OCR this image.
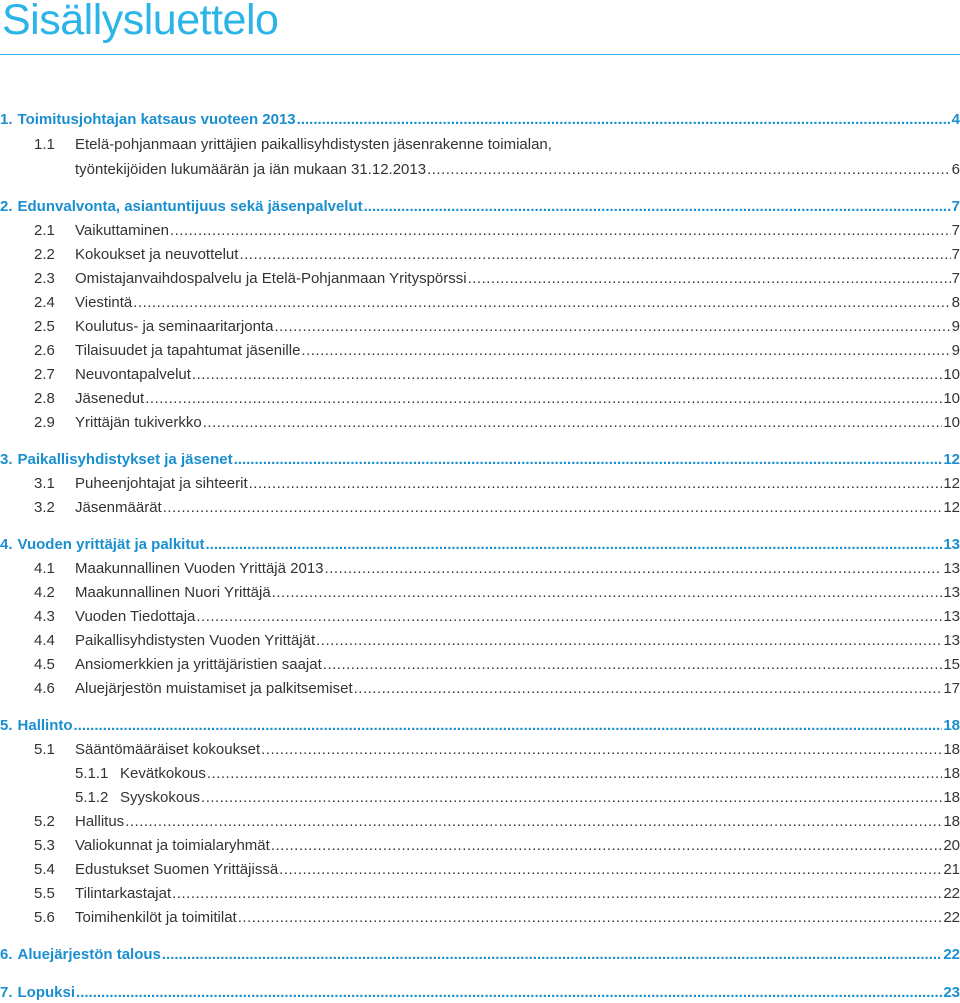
Sisällysluettelo
1. Toimitusjohtajan katsaus vuoteen 2013 .....	4
1.1	Etelä-pohjanmaan yrittäjien paikallisyhdistysten jäsenrakenne toimialan,
työntekijöiden lukumäärän ja iän mukaan 31.12.2013 .....	6
2. Edunvalvonta, asiantuntijuus sekä jäsenpalvelut .....	7
2.1	Vaikuttaminen .....	7
2.2	Kokoukset ja neuvottelut .....	7
2.3	Omistajanvaihdospalvelu ja Etelä-Pohjanmaan Yrityspörssi .....	7
2.4	Viestintä .....	8
2.5	Koulutus- ja seminaaritarjonta .....	9
2.6	Tilaisuudet ja tapahtumat jäsenille .....	9
2.7	Neuvontapalvelut .....	10
2.8	Jäsenedut .....	10
2.9	Yrittäjän tukiverkko .....	10
3. Paikallisyhdistykset ja jäsenet .....	12
3.1	Puheenjohtajat ja sihteerit .....	12
3.2	Jäsenmäärät .....	12
4. Vuoden yrittäjät ja palkitut .....	13
4.1	Maakunnallinen Vuoden Yrittäjä 2013 .....	13
4.2	Maakunnallinen Nuori Yrittäjä .....	13
4.3	Vuoden Tiedottaja .....	13
4.4	Paikallisyhdistysten Vuoden Yrittäjät .....	13
4.5	Ansiomerkkien ja yrittäjäristien saajat .....	15
4.6	Aluejärjestön muistamiset ja palkitsemiset .....	17
5. Hallinto .....	18
5.1	Sääntömääräiset kokoukset .....	18
5.1.1 Kevätkokous .....	18
5.1.2 Syyskokous .....	18
5.2	Hallitus .....	18
5.3	Valiokunnat ja toimialaryhmät .....	20
5.4	Edustukset Suomen Yrittäjissä .....	21
5.5	Tilintarkastajat .....	22
5.6	Toimihenkilöt ja toimitilat .....	22
6. Aluejärjestön talous .....	22
7. Lopuksi .....	23
